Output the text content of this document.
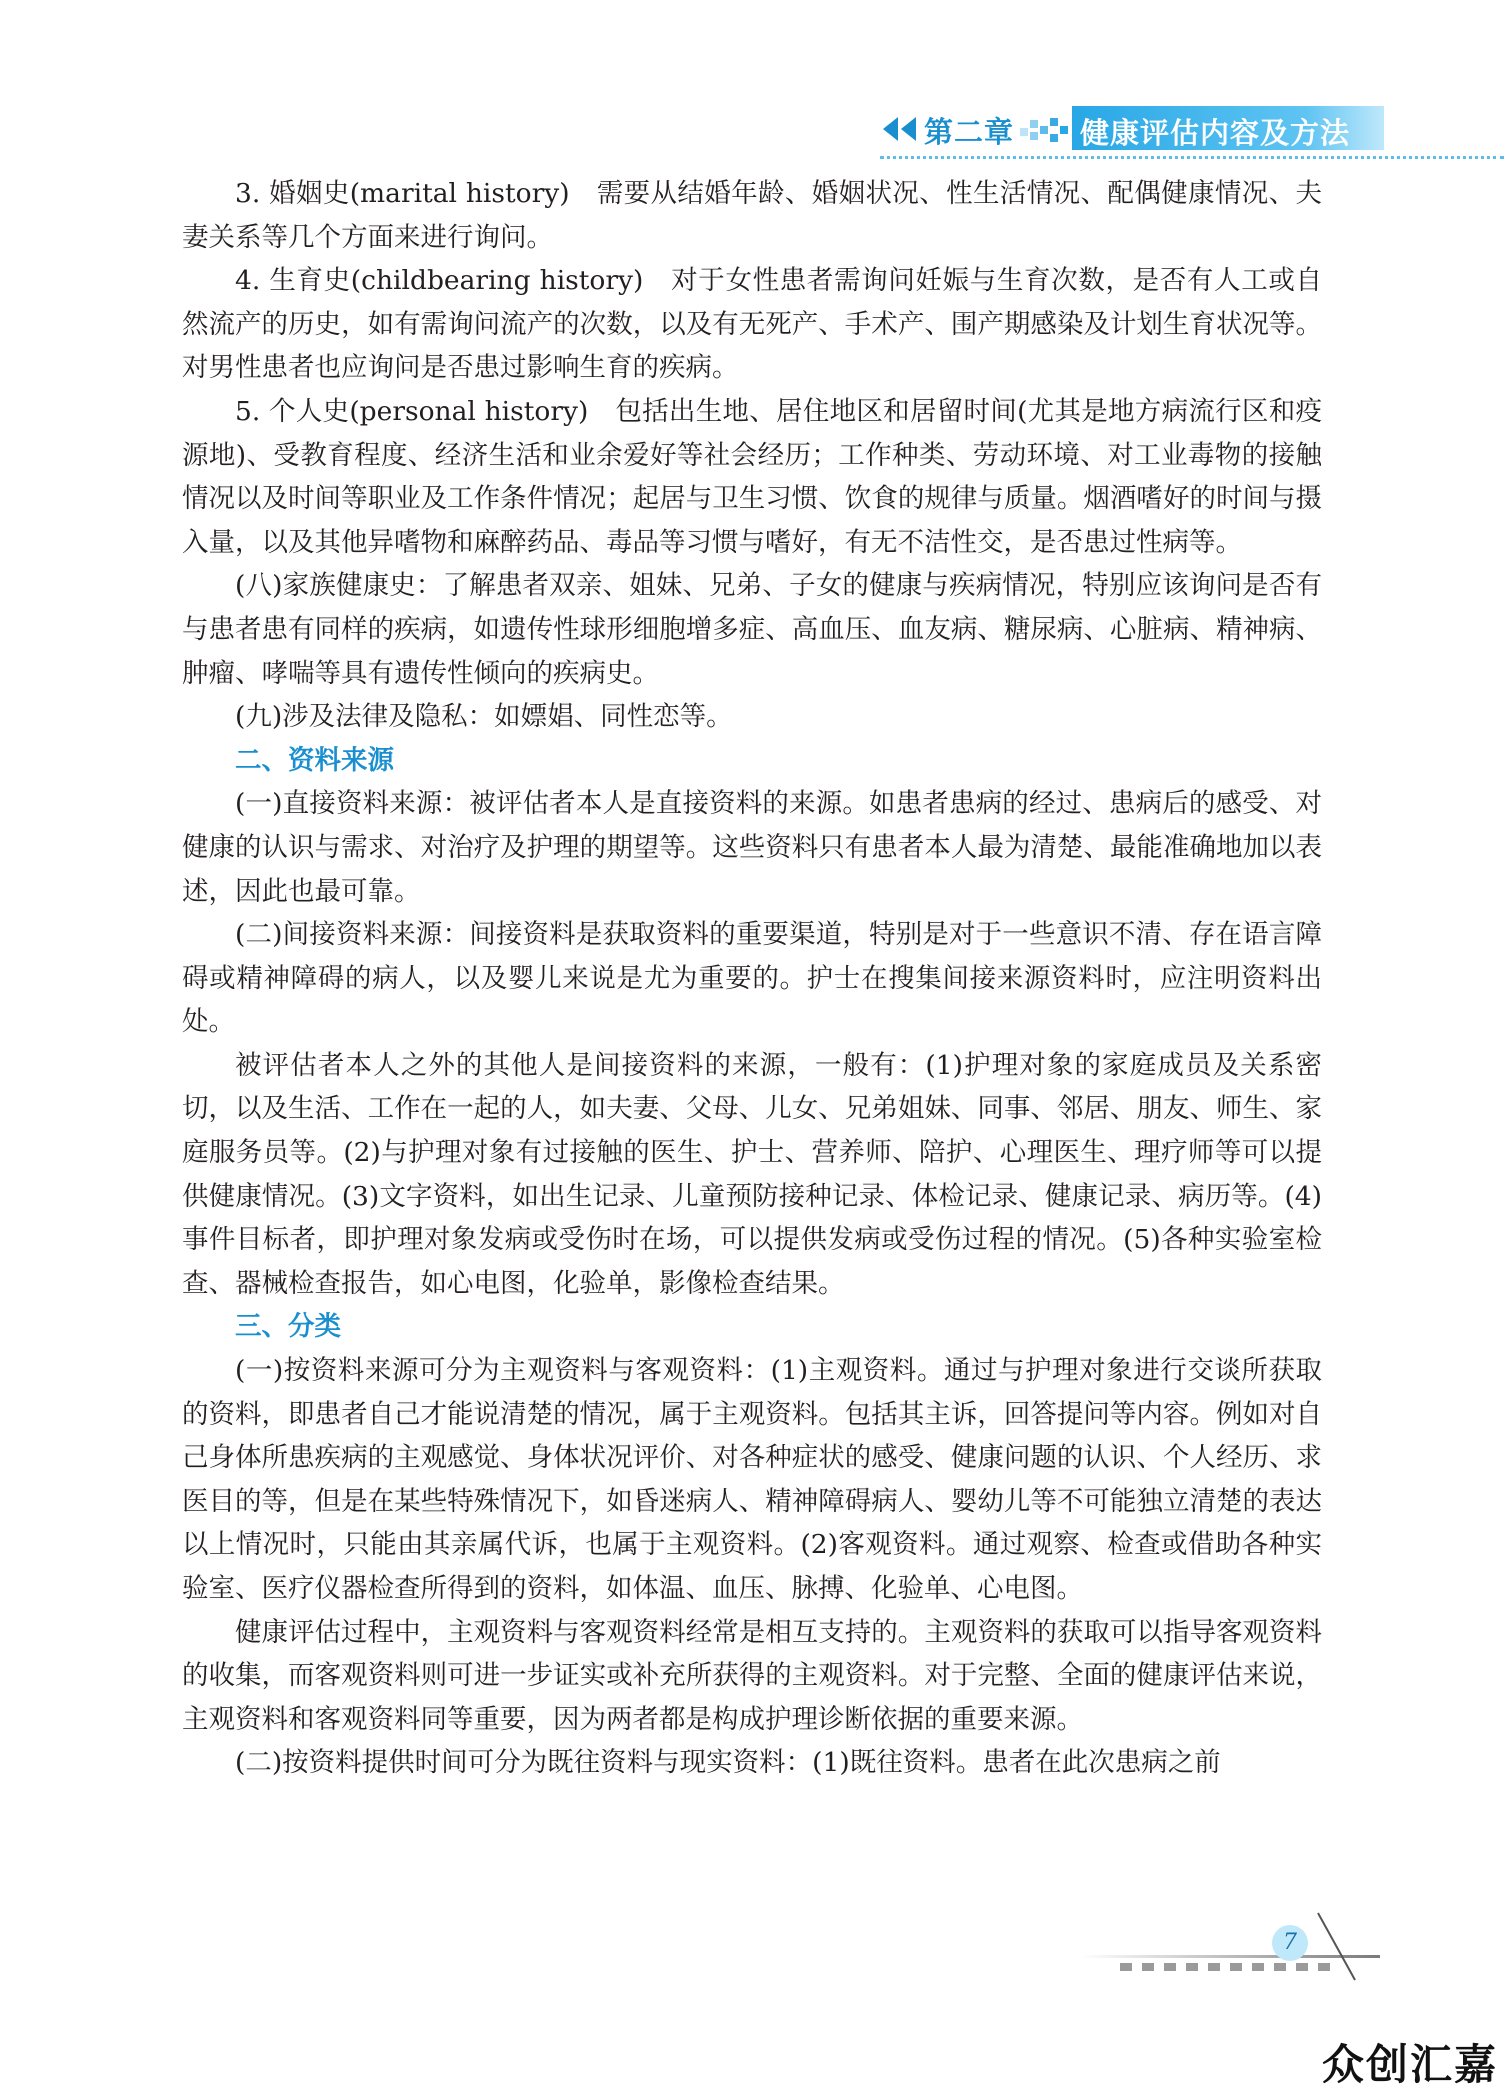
第二章 健康评估内容及方法

3. 婚姻史(marital history)　需要从结婚年龄、婚姻状况、性生活情况、配偶健康情况、夫妻关系等几个方面来进行询问。

4. 生育史(childbearing history)　对于女性患者需询问妊娠与生育次数，是否有人工或自然流产的历史，如有需询问流产的次数，以及有无死产、手术产、围产期感染及计划生育状况等。对男性患者也应询问是否患过影响生育的疾病。

5. 个人史(personal history)　包括出生地、居住地区和居留时间(尤其是地方病流行区和疫源地)、受教育程度、经济生活和业余爱好等社会经历；工作种类、劳动环境、对工业毒物的接触情况以及时间等职业及工作条件情况；起居与卫生习惯、饮食的规律与质量。烟酒嗜好的时间与摄入量，以及其他异嗜物和麻醉药品、毒品等习惯与嗜好，有无不洁性交，是否患过性病等。

(八)家族健康史：了解患者双亲、姐妹、兄弟、子女的健康与疾病情况，特别应该询问是否有与患者患有同样的疾病，如遗传性球形细胞增多症、高血压、血友病、糖尿病、心脏病、精神病、肿瘤、哮喘等具有遗传性倾向的疾病史。

(九)涉及法律及隐私：如嫖娼、同性恋等。

二、资料来源

(一)直接资料来源：被评估者本人是直接资料的来源。如患者患病的经过、患病后的感受、对健康的认识与需求、对治疗及护理的期望等。这些资料只有患者本人最为清楚、最能准确地加以表述，因此也最可靠。

(二)间接资料来源：间接资料是获取资料的重要渠道，特别是对于一些意识不清、存在语言障碍或精神障碍的病人，以及婴儿来说是尤为重要的。护士在搜集间接来源资料时，应注明资料出处。

被评估者本人之外的其他人是间接资料的来源，一般有：(1)护理对象的家庭成员及关系密切，以及生活、工作在一起的人，如夫妻、父母、儿女、兄弟姐妹、同事、邻居、朋友、师生、家庭服务员等。(2)与护理对象有过接触的医生、护士、营养师、陪护、心理医生、理疗师等可以提供健康情况。(3)文字资料，如出生记录、儿童预防接种记录、体检记录、健康记录、病历等。(4)事件目标者，即护理对象发病或受伤时在场，可以提供发病或受伤过程的情况。(5)各种实验室检查、器械检查报告，如心电图，化验单，影像检查结果。

三、分类

(一)按资料来源可分为主观资料与客观资料：(1)主观资料。通过与护理对象进行交谈所获取的资料，即患者自己才能说清楚的情况，属于主观资料。包括其主诉，回答提问等内容。例如对自己身体所患疾病的主观感觉、身体状况评价、对各种症状的感受、健康问题的认识、个人经历、求医目的等，但是在某些特殊情况下，如昏迷病人、精神障碍病人、婴幼儿等不可能独立清楚的表达以上情况时，只能由其亲属代诉，也属于主观资料。(2)客观资料。通过观察、检查或借助各种实验室、医疗仪器检查所得到的资料，如体温、血压、脉搏、化验单、心电图。

健康评估过程中，主观资料与客观资料经常是相互支持的。主观资料的获取可以指导客观资料的收集，而客观资料则可进一步证实或补充所获得的主观资料。对于完整、全面的健康评估来说，主观资料和客观资料同等重要，因为两者都是构成护理诊断依据的重要来源。

(二)按资料提供时间可分为既往资料与现实资料：(1)既往资料。患者在此次患病之前

7
众创汇嘉
